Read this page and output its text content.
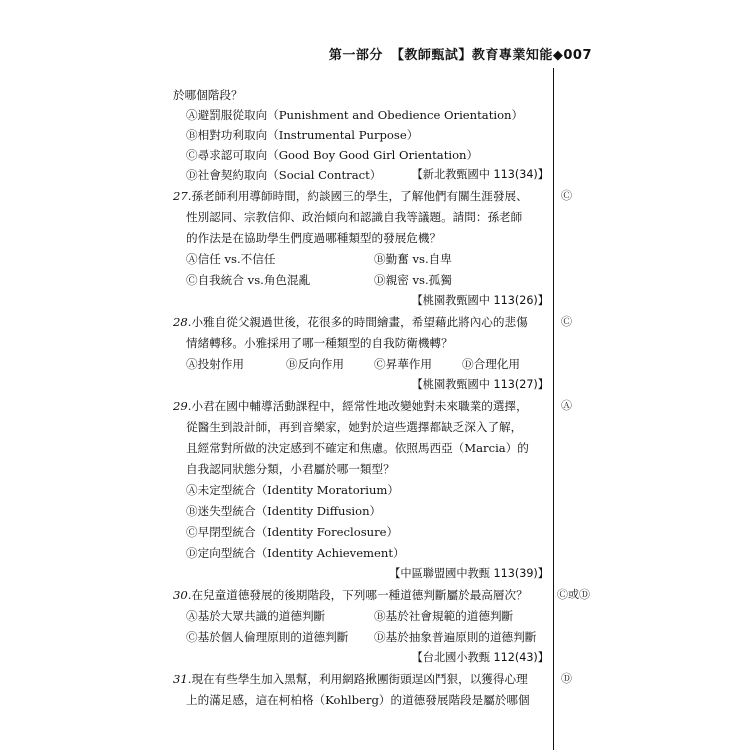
第一部分 【教師甄試】教育專業知能◆007
於哪個階段？
Ⓐ避罰服從取向（Punishment and Obedience Orientation）
Ⓑ相對功利取向（Instrumental Purpose）
Ⓒ尋求認可取向（Good Boy Good Girl Orientation）
Ⓓ社會契約取向（Social Contract）	【新北教甄國中 113(34)】
27.孫老師利用導師時間，約談國三的學生，了解他們有關生涯發展、	Ⓒ
性別認同、宗教信仰、政治傾向和認識自我等議題。請問：孫老師
的作法是在協助學生們度過哪種類型的發展危機？
Ⓐ信任 vs.不信任	Ⓑ勤奮 vs.自卑
Ⓒ自我統合 vs.角色混亂	Ⓓ親密 vs.孤獨
【桃園教甄國中 113(26)】
28.小雅自從父親過世後，花很多的時間繪畫，希望藉此將內心的悲傷	Ⓒ
情緒轉移。小雅採用了哪一種類型的自我防衛機轉？
Ⓐ投射作用	Ⓑ反向作用	Ⓒ昇華作用	Ⓓ合理化用
【桃園教甄國中 113(27)】
29.小君在國中輔導活動課程中，經常性地改變她對未來職業的選擇，	Ⓐ
從醫生到設計師，再到音樂家，她對於這些選擇都缺乏深入了解，
且經常對所做的決定感到不確定和焦慮。依照馬西亞（Marcia）的
自我認同狀態分類，小君屬於哪一類型？
Ⓐ未定型統合（Identity Moratorium）
Ⓑ迷失型統合（Identity Diffusion）
Ⓒ早閉型統合（Identity Foreclosure）
Ⓓ定向型統合（Identity Achievement）
【中區聯盟國中教甄 113(39)】
30.在兒童道德發展的後期階段，下列哪一種道德判斷屬於最高層次？	Ⓒ或Ⓓ
Ⓐ基於大眾共識的道德判斷	Ⓑ基於社會規範的道德判斷
Ⓒ基於個人倫理原則的道德判斷 Ⓓ基於抽象普遍原則的道德判斷
【台北國小教甄 112(43)】
31.現在有些學生加入黑幫，利用網路揪團街頭逞凶鬥狠，以獲得心理	Ⓓ
上的滿足感，這在柯柏格（Kohlberg）的道德發展階段是屬於哪個
